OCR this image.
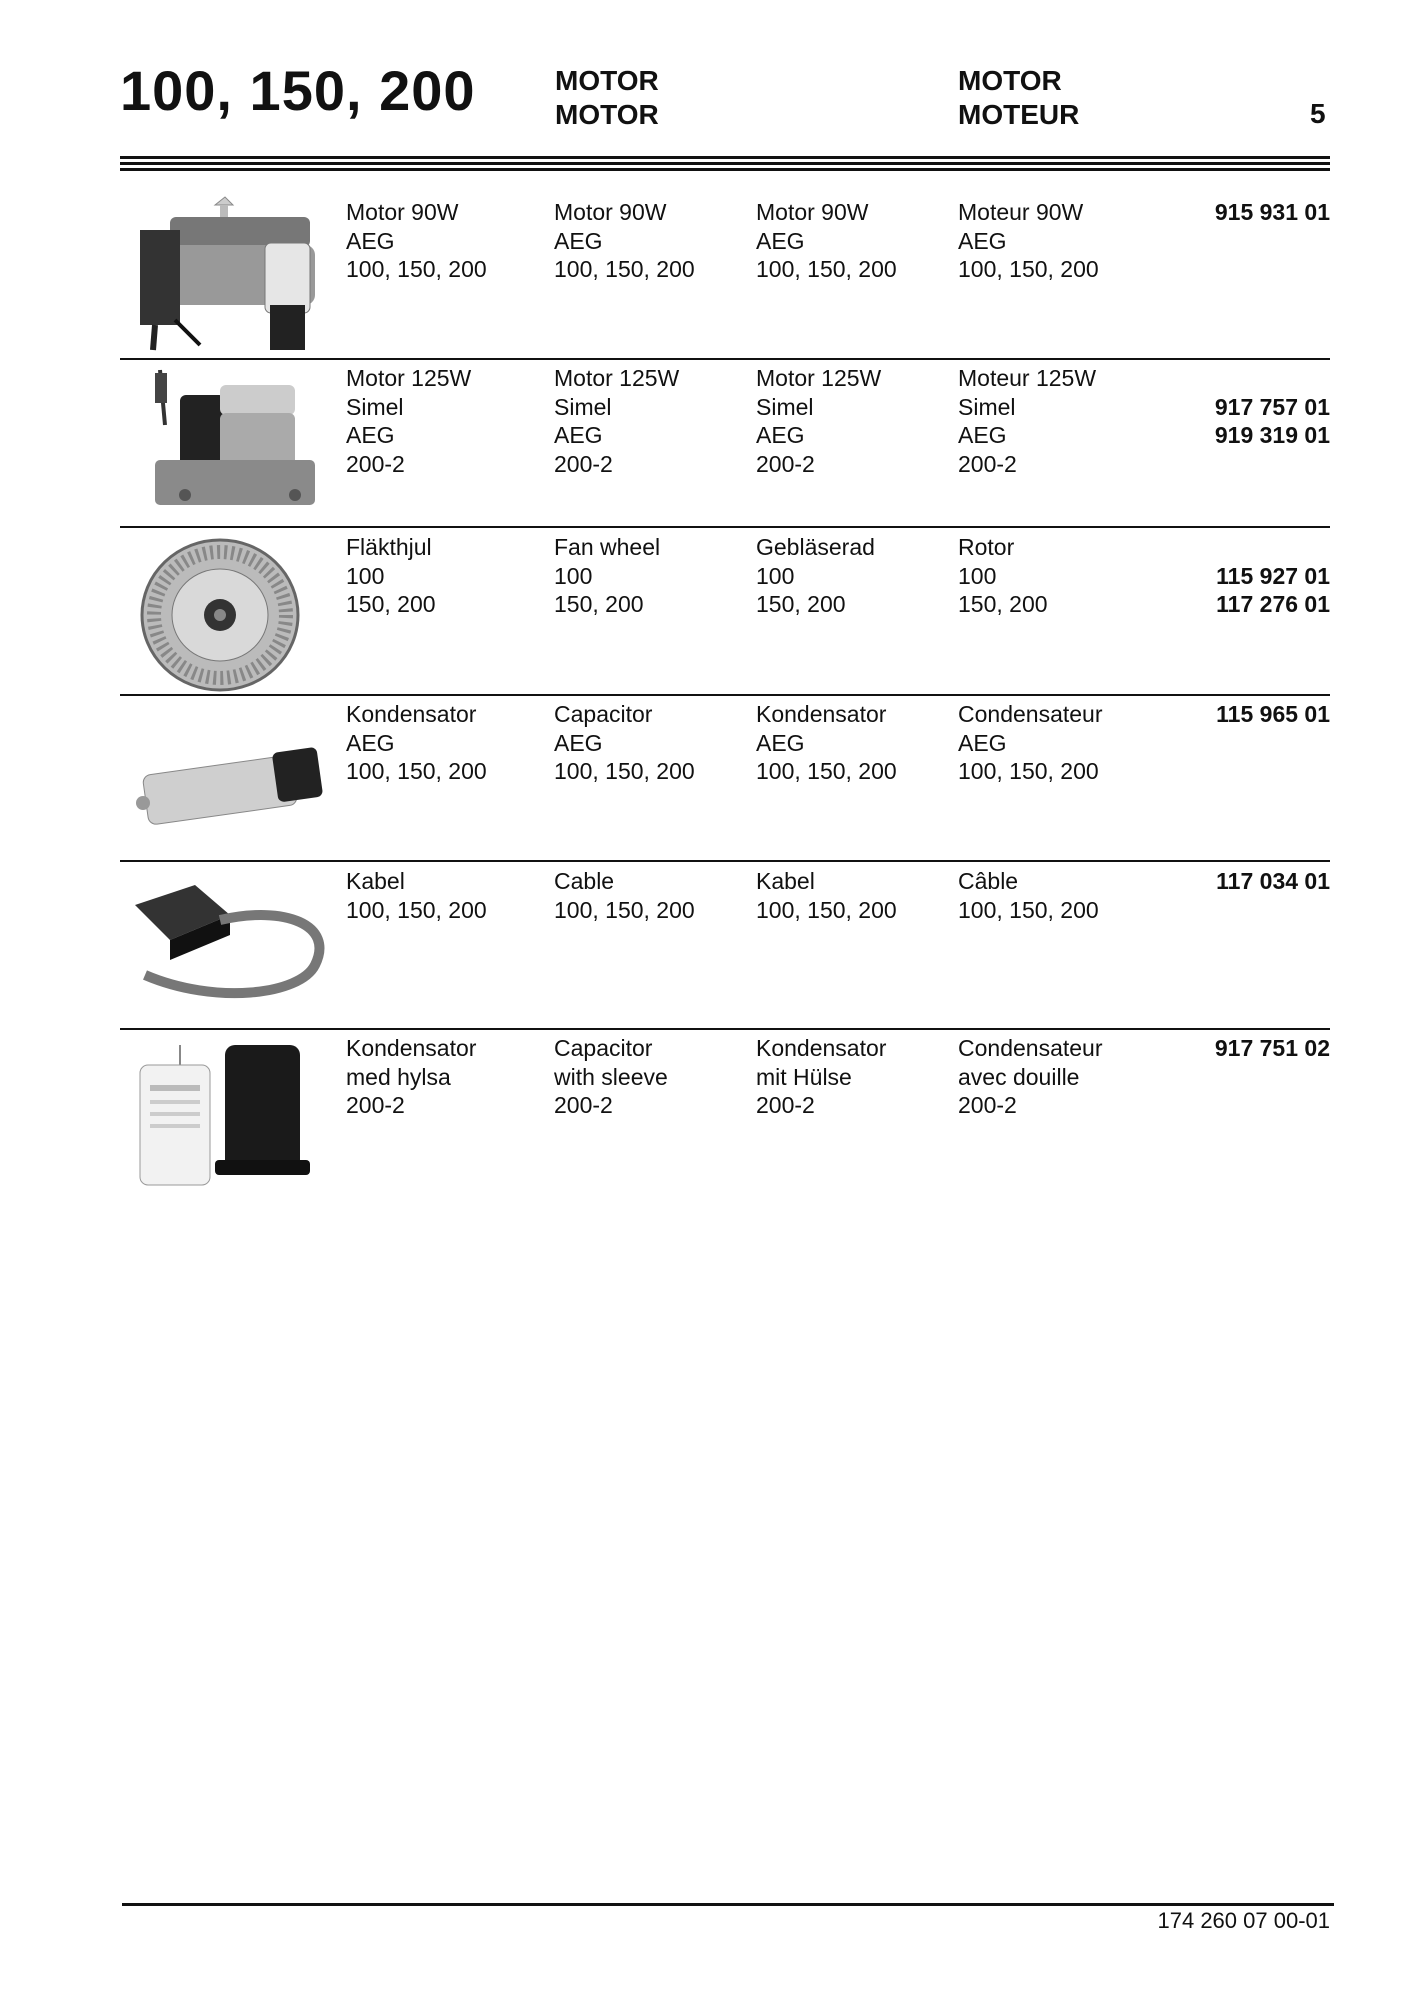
100, 150, 200	MOTOR
MOTOR
MOTOR
MOTEUR	5
Motor 90W
AEG
100, 150, 200
Motor 90W
AEG
100, 150, 200
Motor 90W
AEG
100, 150, 200
Moteur 90W
AEG
100, 150, 200
915 931 01
Motor 125W
Simel
AEG
200-2
Motor 125W
Simel
AEG
200-2
Motor 125W
Simel
AEG
200-2
Moteur 125W
Simel
AEG
200-2

917 757 01
919 319 01
Fläkthjul
100
150, 200
Fan wheel
100
150, 200
Gebläserad
100
150, 200
Rotor
100
150, 200

115 927 01
117 276 01
Kondensator
AEG
100, 150, 200
Capacitor
AEG
100, 150, 200
Kondensator
AEG
100, 150, 200
Condensateur
AEG
100, 150, 200
115 965 01
Kabel
100, 150, 200
Cable
100, 150, 200
Kabel
100, 150, 200
Câble
100, 150, 200
117 034 01
Kondensator
med hylsa
200-2
Capacitor
with sleeve
200-2
Kondensator
mit Hülse
200-2
Condensateur
avec douille
200-2
917 751 02
174 260 07 00-01
